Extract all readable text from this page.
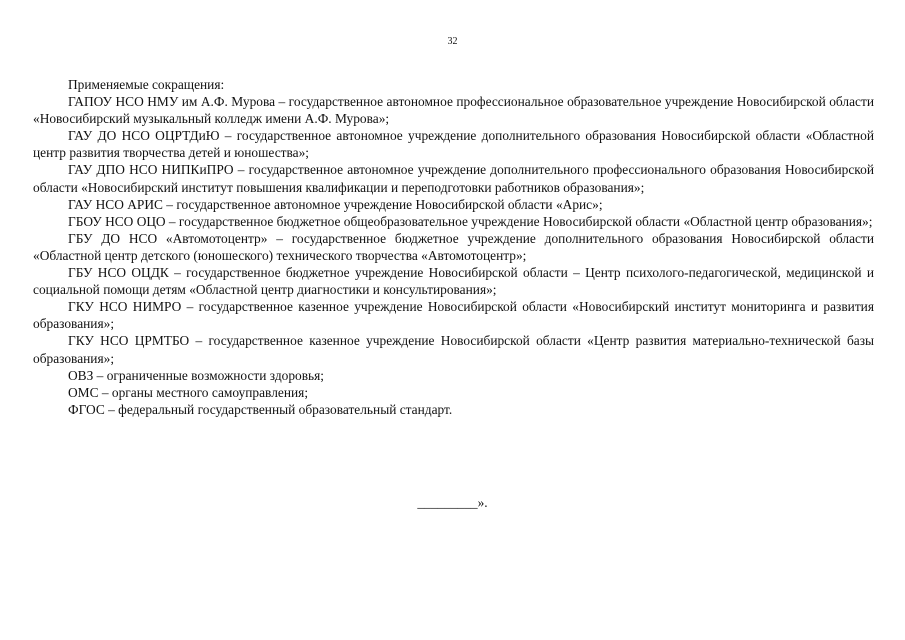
32

Применяемые сокращения:

ГАПОУ НСО НМУ им А.Ф. Мурова – государственное автономное профессиональное образовательное учреждение Новосибирской области «Новосибирский музыкальный колледж имени А.Ф. Мурова»;

ГАУ ДО НСО ОЦРТДиЮ – государственное автономное учреждение дополнительного образования Новосибирской области «Областной центр развития творчества детей и юношества»;

ГАУ ДПО НСО НИПКиПРО – государственное автономное учреждение дополнительного профессионального образования Новосибирской области «Новосибирский институт повышения квалификации и переподготовки работников образования»;

ГАУ НСО АРИС – государственное автономное учреждение Новосибирской области «Арис»;

ГБОУ НСО ОЦО – государственное бюджетное общеобразовательное учреждение Новосибирской области «Областной центр образования»;

ГБУ ДО НСО «Автомотоцентр» – государственное бюджетное учреждение дополнительного образования Новосибирской области «Областной центр детского (юношеского) технического творчества «Автомотоцентр»;

ГБУ НСО ОЦДК – государственное бюджетное учреждение Новосибирской области – Центр психолого-педагогической, медицинской и социальной помощи детям «Областной центр диагностики и консультирования»;

ГКУ НСО НИМРО – государственное казенное учреждение Новосибирской области «Новосибирский институт мониторинга и развития образования»;

ГКУ НСО ЦРМТБО – государственное казенное учреждение Новосибирской области «Центр развития материально-технической базы образования»;

ОВЗ – ограниченные возможности здоровья;

ОМС – органы местного самоуправления;

ФГОС – федеральный государственный образовательный стандарт.

_________».
